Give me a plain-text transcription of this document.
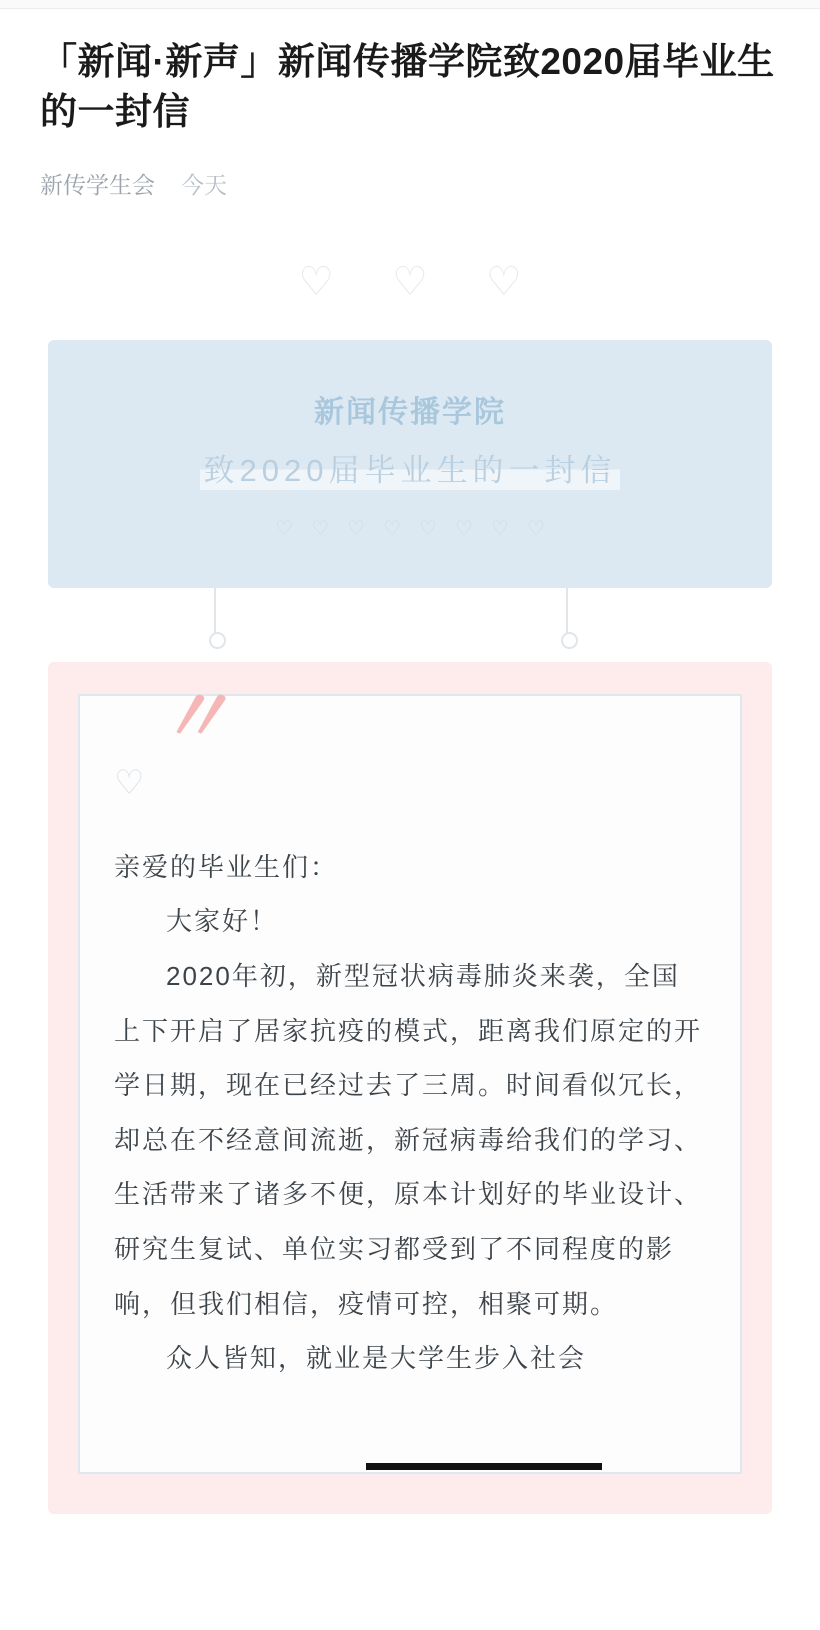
「新闻·新声」新闻传播学院致2020届毕业生的一封信
新传学生会 今天
♡ ♡ ♡
新闻传播学院
致2020届毕业生的一封信
♡ ♡ ♡ ♡ ♡ ♡ ♡ ♡
〃
♡

亲爱的毕业生们：

大家好！

2020年初，新型冠状病毒肺炎来袭，全国上下开启了居家抗疫的模式，距离我们原定的开学日期，现在已经过去了三周。时间看似冗长，却总在不经意间流逝，新冠病毒给我们的学习、生活带来了诸多不便，原本计划好的毕业设计、研究生复试、单位实习都受到了不同程度的影响，但我们相信，疫情可控，相聚可期。

众人皆知，就业是大学生步入社会
